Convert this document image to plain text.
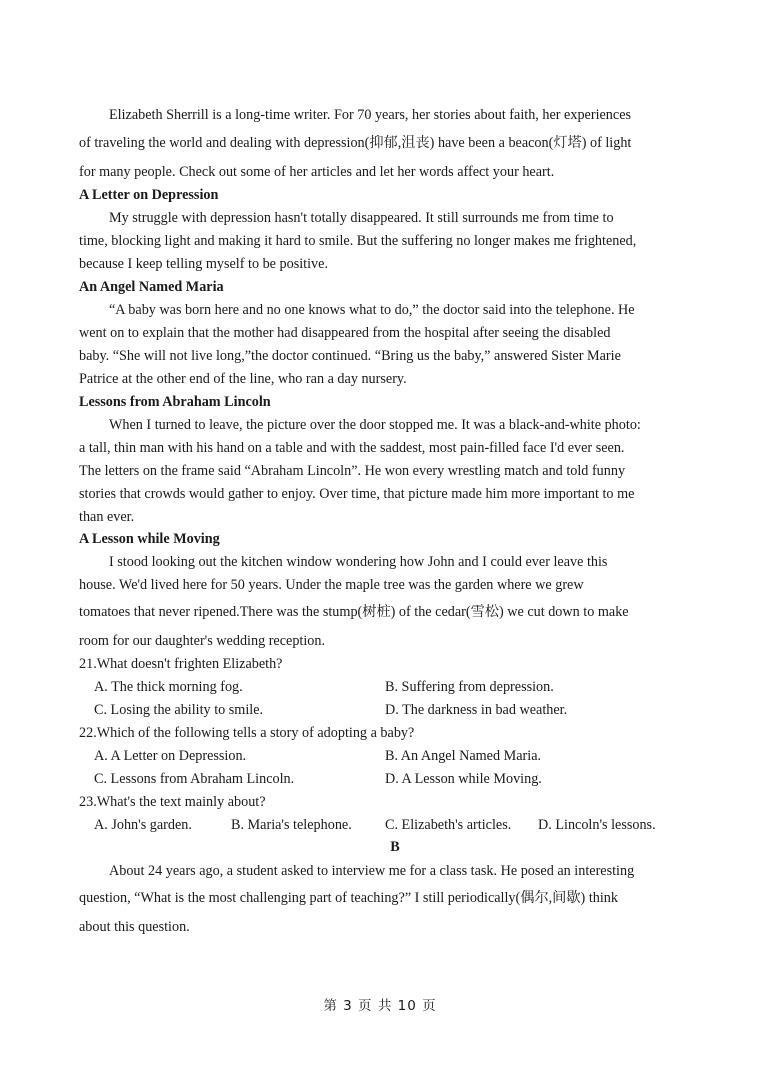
Elizabeth Sherrill is a long-time writer. For 70 years, her stories about faith, her experiences
of traveling the world and dealing with depression(抑郁,沮丧) have been a beacon(灯塔) of light
for many people. Check out some of her articles and let her words affect your heart.
A Letter on Depression
My struggle with depression hasn't totally disappeared. It still surrounds me from time to
time, blocking light and making it hard to smile. But the suffering no longer makes me frightened,
because I keep telling myself to be positive.
An Angel Named Maria
“A baby was born here and no one knows what to do,” the doctor said into the telephone. He
went on to explain that the mother had disappeared from the hospital after seeing the disabled
baby. “She will not live long,”the doctor continued. “Bring us the baby,” answered Sister Marie
Patrice at the other end of the line, who ran a day nursery.
Lessons from Abraham Lincoln
When I turned to leave, the picture over the door stopped me. It was a black-and-white photo:
a tall, thin man with his hand on a table and with the saddest, most pain-filled face I'd ever seen.
The letters on the frame said “Abraham Lincoln”. He won every wrestling match and told funny
stories that crowds would gather to enjoy. Over time, that picture made him more important to me
than ever.
A Lesson while Moving
I stood looking out the kitchen window wondering how John and I could ever leave this
house. We'd lived here for 50 years. Under the maple tree was the garden where we grew
tomatoes that never ripened.There was the stump(树桩) of the cedar(雪松) we cut down to make
room for our daughter's wedding reception.
21.What doesn't frighten Elizabeth?
A. The thick morning fog.	B. Suffering from depression.
C. Losing the ability to smile.	D. The darkness in bad weather.
22.Which of the following tells a story of adopting a baby?
A. A Letter on Depression.	B. An Angel Named Maria.
C. Lessons from Abraham Lincoln.	D. A Lesson while Moving.
23.What's the text mainly about?
A. John's garden.	B. Maria's telephone. C. Elizabeth's articles. D. Lincoln's lessons.
B
About 24 years ago, a student asked to interview me for a class task. He posed an interesting
question, “What is the most challenging part of teaching?” I still periodically(偶尔,间歇) think
about this question.
第 3 页 共 10 页
